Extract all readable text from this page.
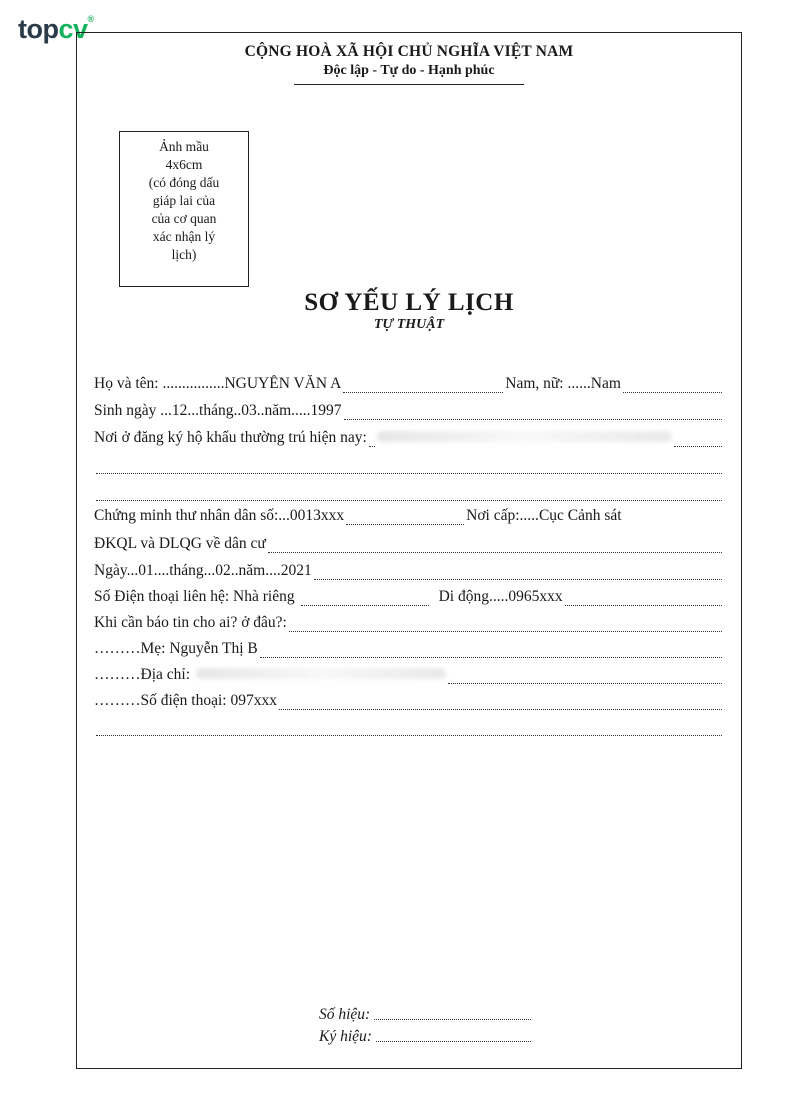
topcv®
CỘNG HOÀ XÃ HỘI CHỦ NGHĨA VIỆT NAM
Độc lập - Tự do - Hạnh phúc
Ảnh mầu
4x6cm
(có đóng dấu
giáp lai của
của cơ quan
xác nhận lý
lịch)
SƠ YẾU LÝ LỊCH
TỰ THUẬT
Họ và tên: ................ NGUYỄN VĂN A	Nam, nữ: ...... Nam
Sinh ngày ...12...tháng..03..năm.....1997
Nơi ở đăng ký hộ khẩu thường trú hiện nay:
Chứng minh thư nhân dân số:... 0013xxx	Nơi cấp:..... Cục Cảnh sát
ĐKQL và DLQG về dân cư
Ngày...01....tháng...02..năm....2021
Số Điện thoại liên hệ: Nhà riêng	Di động..... 0965xxx
Khi cần báo tin cho ai? ở đâu?:
………Mẹ: Nguyễn Thị B
………Địa chỉ:
………Số điện thoại: 097xxx
Số hiệu:
Ký hiệu:
